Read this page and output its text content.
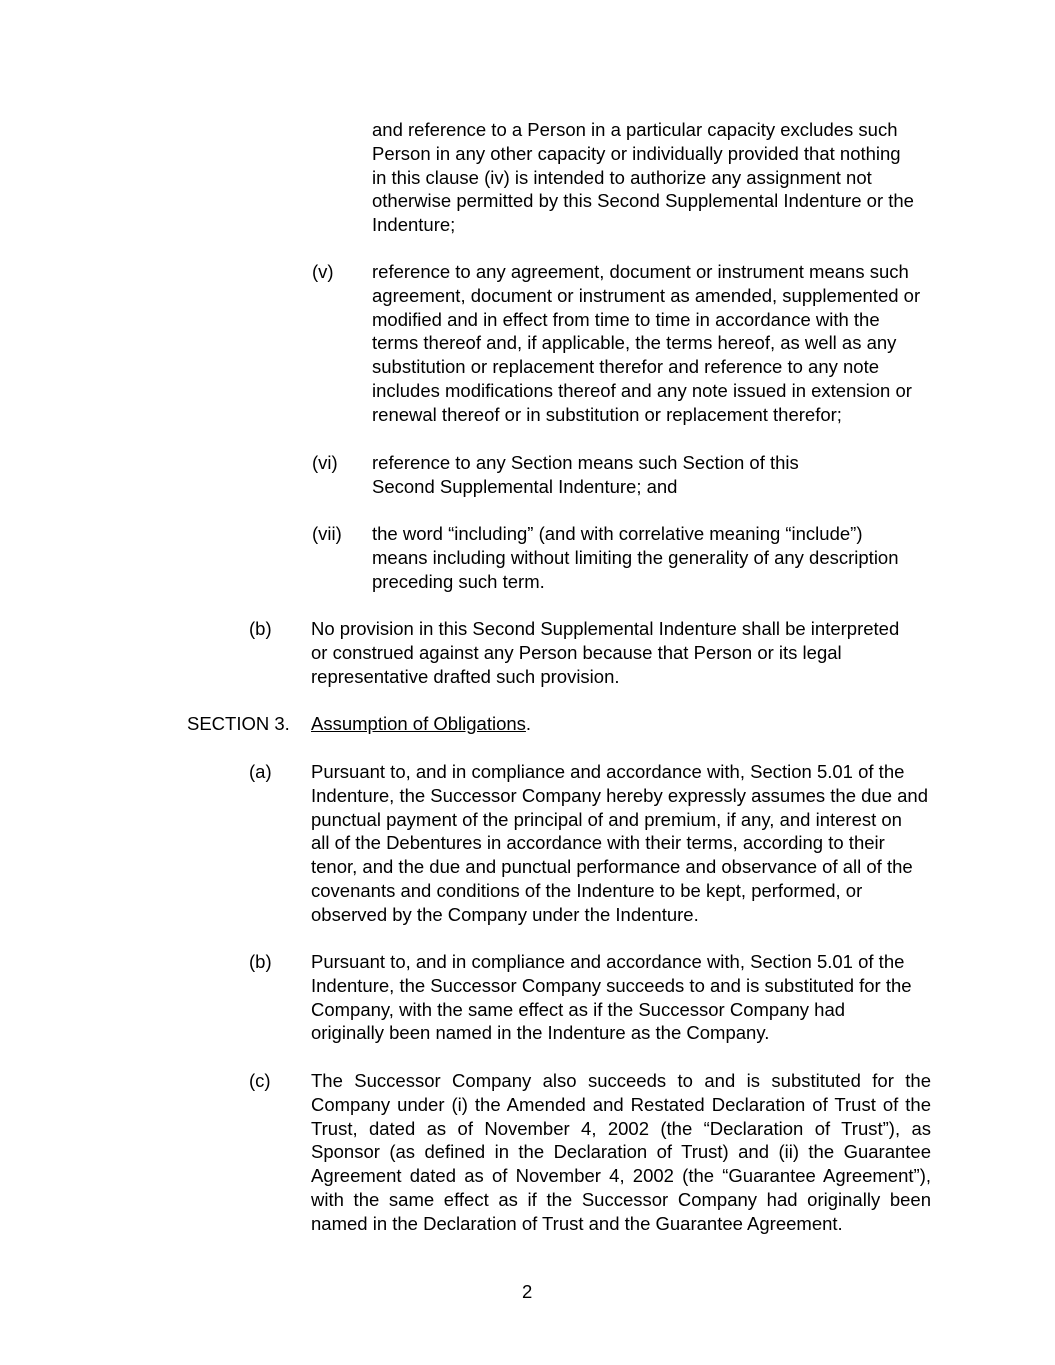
and reference to a Person in a particular capacity excludes such
Person in any other capacity or individually provided that nothing
in this clause (iv) is intended to authorize any assignment not
otherwise permitted by this Second Supplemental Indenture or the
Indenture;
(v) reference to any agreement, document or instrument means such
agreement, document or instrument as amended, supplemented or
modified and in effect from time to time in accordance with the
terms thereof and, if applicable, the terms hereof, as well as any
substitution or replacement therefor and reference to any note
includes modifications thereof and any note issued in extension or
renewal thereof or in substitution or replacement therefor;
(vi) reference to any Section means such Section of this
Second Supplemental Indenture; and
(vii) the word “including” (and with correlative meaning “include”)
means including without limiting the generality of any description
preceding such term.
(b) No provision in this Second Supplemental Indenture shall be interpreted
or construed against any Person because that Person or its legal
representative drafted such provision.
SECTION 3. Assumption of Obligations.
(a) Pursuant to, and in compliance and accordance with, Section 5.01 of the
Indenture, the Successor Company hereby expressly assumes the due and
punctual payment of the principal of and premium, if any, and interest on
all of the Debentures in accordance with their terms, according to their
tenor, and the due and punctual performance and observance of all of the
covenants and conditions of the Indenture to be kept, performed, or
observed by the Company under the Indenture.
(b) Pursuant to, and in compliance and accordance with, Section 5.01 of the
Indenture, the Successor Company succeeds to and is substituted for the
Company, with the same effect as if the Successor Company had
originally been named in the Indenture as the Company.
(c) The Successor Company also succeeds to and is substituted for the
Company under (i) the Amended and Restated Declaration of Trust of the
Trust, dated as of November 4, 2002 (the “Declaration of Trust”), as
Sponsor (as defined in the Declaration of Trust) and (ii) the Guarantee
Agreement dated as of November 4, 2002 (the “Guarantee Agreement”),
with the same effect as if the Successor Company had originally been
named in the Declaration of Trust and the Guarantee Agreement.
2
